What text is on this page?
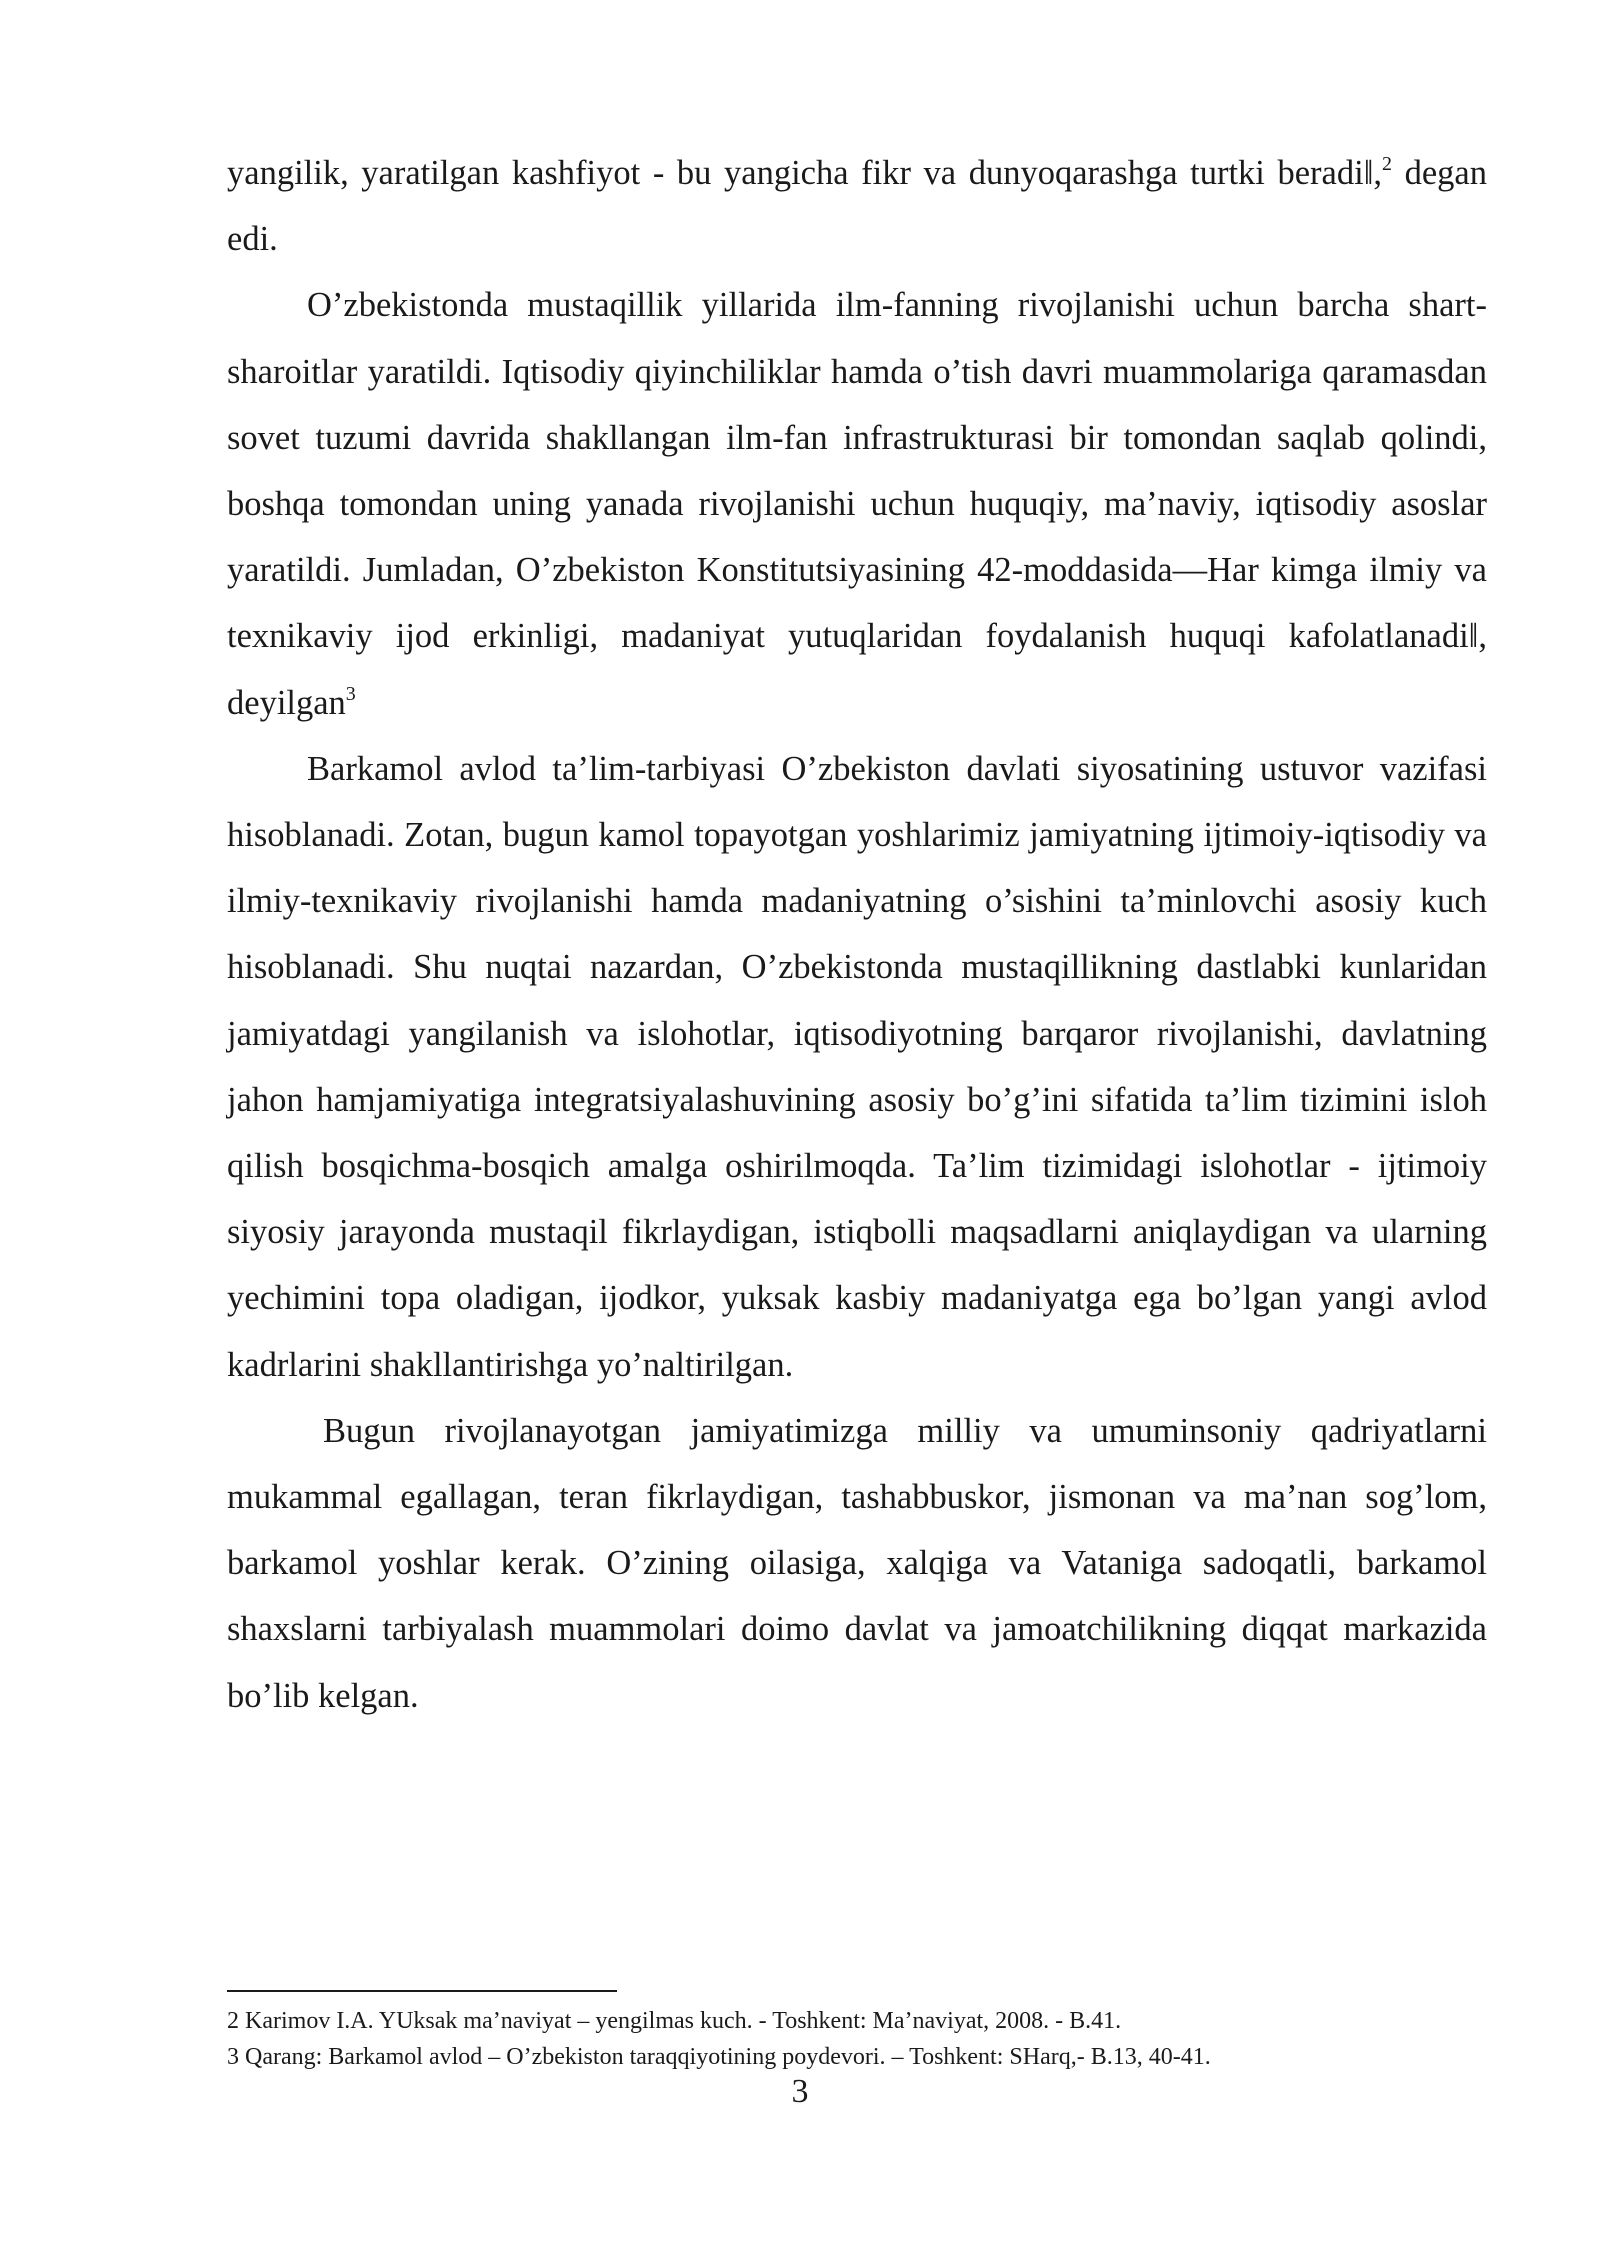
yangilik, yaratilgan kashfiyot - bu yangicha fikr va dunyoqarashga turtki beradi‖,$^2$ degan edi.

O’zbekistonda mustaqillik yillarida ilm-fanning rivojlanishi uchun barcha shart-sharoitlar yaratildi. Iqtisodiy qiyinchiliklar hamda o’tish davri muammolariga qaramasdan sovet tuzumi davrida shakllangan ilm-fan infrastrukturasi bir tomondan saqlab qolindi, boshqa tomondan uning yanada rivojlanishi uchun huquqiy, ma’naviy, iqtisodiy asoslar yaratildi. Jumladan, O’zbekiston Konstitutsiyasining 42-moddasida―Har kimga ilmiy va texnikaviy ijod erkinligi, madaniyat yutuqlaridan foydalanish huquqi kafolatlanadi‖, deyilgan$^3$

Barkamol avlod ta’lim-tarbiyasi O’zbekiston davlati siyosatining ustuvor vazifasi hisoblanadi. Zotan, bugun kamol topayotgan yoshlarimiz jamiyatning ijtimoiy-iqtisodiy va ilmiy-texnikaviy rivojlanishi hamda madaniyatning o’sishini ta’minlovchi asosiy kuch hisoblanadi. Shu nuqtai nazardan, O’zbekistonda mustaqillikning dastlabki kunlaridan jamiyatdagi yangilanish va islohotlar, iqtisodiyotning barqaror rivojlanishi, davlatning jahon hamjamiyatiga integratsiyalashuvining asosiy bo’g’ini sifatida ta’lim tizimini isloh qilish bosqichma-bosqich amalga oshirilmoqda. Ta’lim tizimidagi islohotlar - ijtimoiy siyosiy jarayonda mustaqil fikrlaydigan, istiqbolli maqsadlarni aniqlaydigan va ularning yechimini topa oladigan, ijodkor, yuksak kasbiy madaniyatga ega bo’lgan yangi avlod kadrlarini shakllantirishga yo’naltirilgan.

Bugun rivojlanayotgan jamiyatimizga milliy va umuminsoniy qadriyatlarni mukammal egallagan, teran fikrlaydigan, tashabbuskor, jismonan va ma’nan sog’lom, barkamol yoshlar kerak. O’zining oilasiga, xalqiga va Vataniga sadoqatli, barkamol shaxslarni tarbiyalash muammolari doimo davlat va jamoatchilikning diqqat markazida bo’lib kelgan.

2 Karimov I.A. YUksak ma’naviyat – yengilmas kuch. - Toshkent: Ma’naviyat, 2008. - B.41.

3 Qarang: Barkamol avlod – O’zbekiston taraqqiyotining poydevori. – Toshkent: SHarq,- B.13, 40-41.

3
